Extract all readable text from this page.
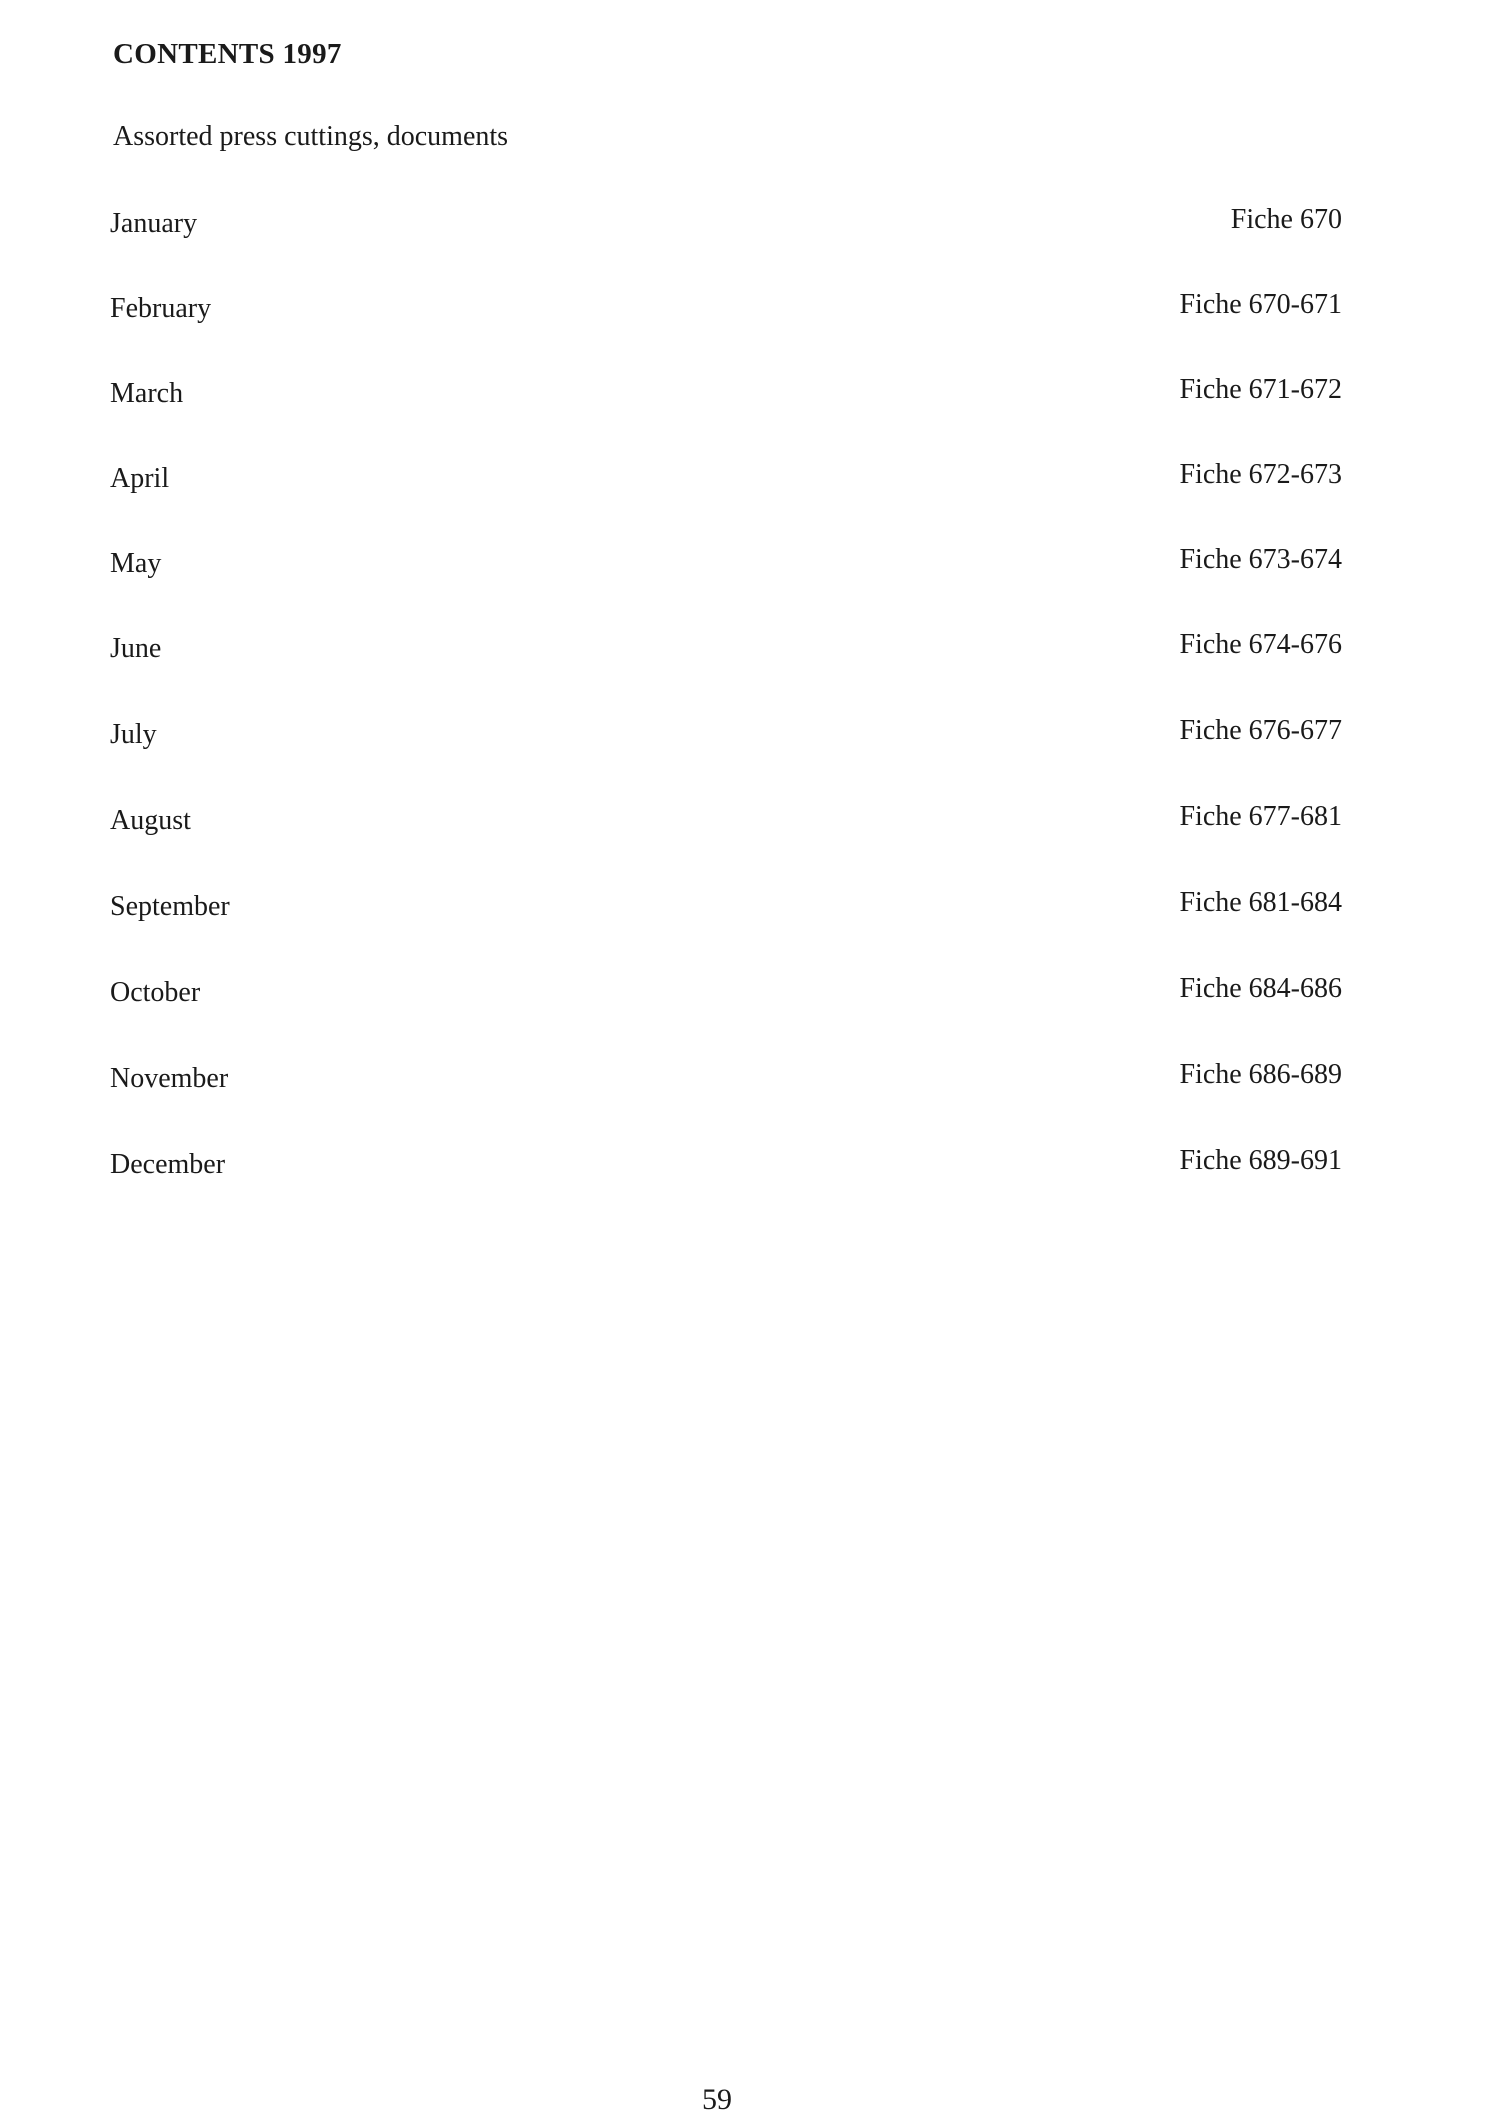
CONTENTS 1997
Assorted press cuttings, documents
January	Fiche 670
February	Fiche 670-671
March	Fiche 671-672
April	Fiche 672-673
May	Fiche 673-674
June	Fiche 674-676
July	Fiche 676-677
August	Fiche 677-681
September	Fiche 681-684
October	Fiche 684-686
November	Fiche 686-689
December	Fiche 689-691
59
